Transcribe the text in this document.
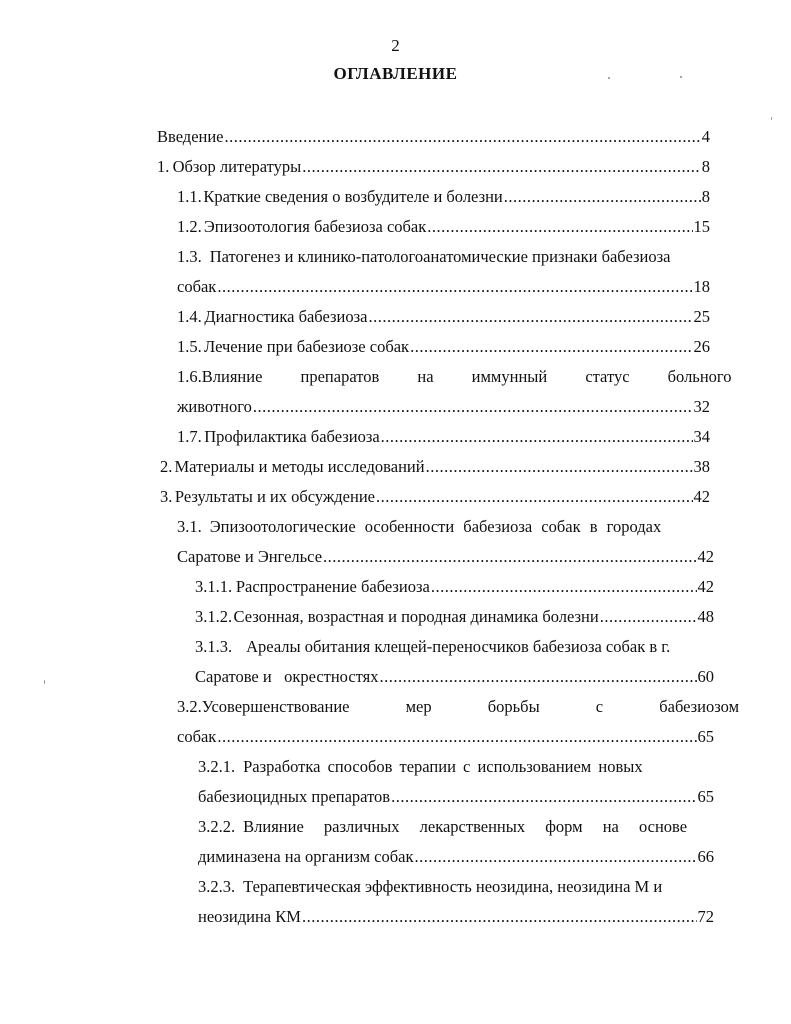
2
ОГЛАВЛЕНИЕ
Введение .....	4
1. Обзор литературы .....	8
1.1. Краткие сведения о возбудителе и болезни .....	8
1.2. Эпизоотология бабезиоза собак .....	15
1.3. Патогенез и клинико-патологоанатомические признаки бабезиоза
собак .....	18
1.4. Диагностика бабезиоза .....	25
1.5. Лечение при бабезиозе собак .....	26
1.6. Влияние препаратов на иммунный статус больного
животного .....	32
1.7. Профилактика бабезиоза .....	34
2. Материалы и методы исследований .....	38
3. Результаты и их обсуждение .....	42
3.1. Эпизоотологические особенности бабезиоза собак в городах
Саратове и Энгельсе .....	42
3.1.1. Распространение бабезиоза .....	42
3.1.2. Сезонная, возрастная и породная динамика болезни .....	48
3.1.3. Ареалы обитания клещей-переносчиков бабезиоза собак в г.
Саратове и   окрестностях .....	60
3.2. Усовершенствование мер борьбы с бабезиозом
собак .....	65
3.2.1. Разработка способов терапии с использованием новых
бабезиоцидных препаратов .....	65
3.2.2. Влияние различных лекарственных форм на основе
диминазена на организм собак .....	66
3.2.3. Терапевтическая эффективность неозидина, неозидина М и
неозидина КМ .....	72
